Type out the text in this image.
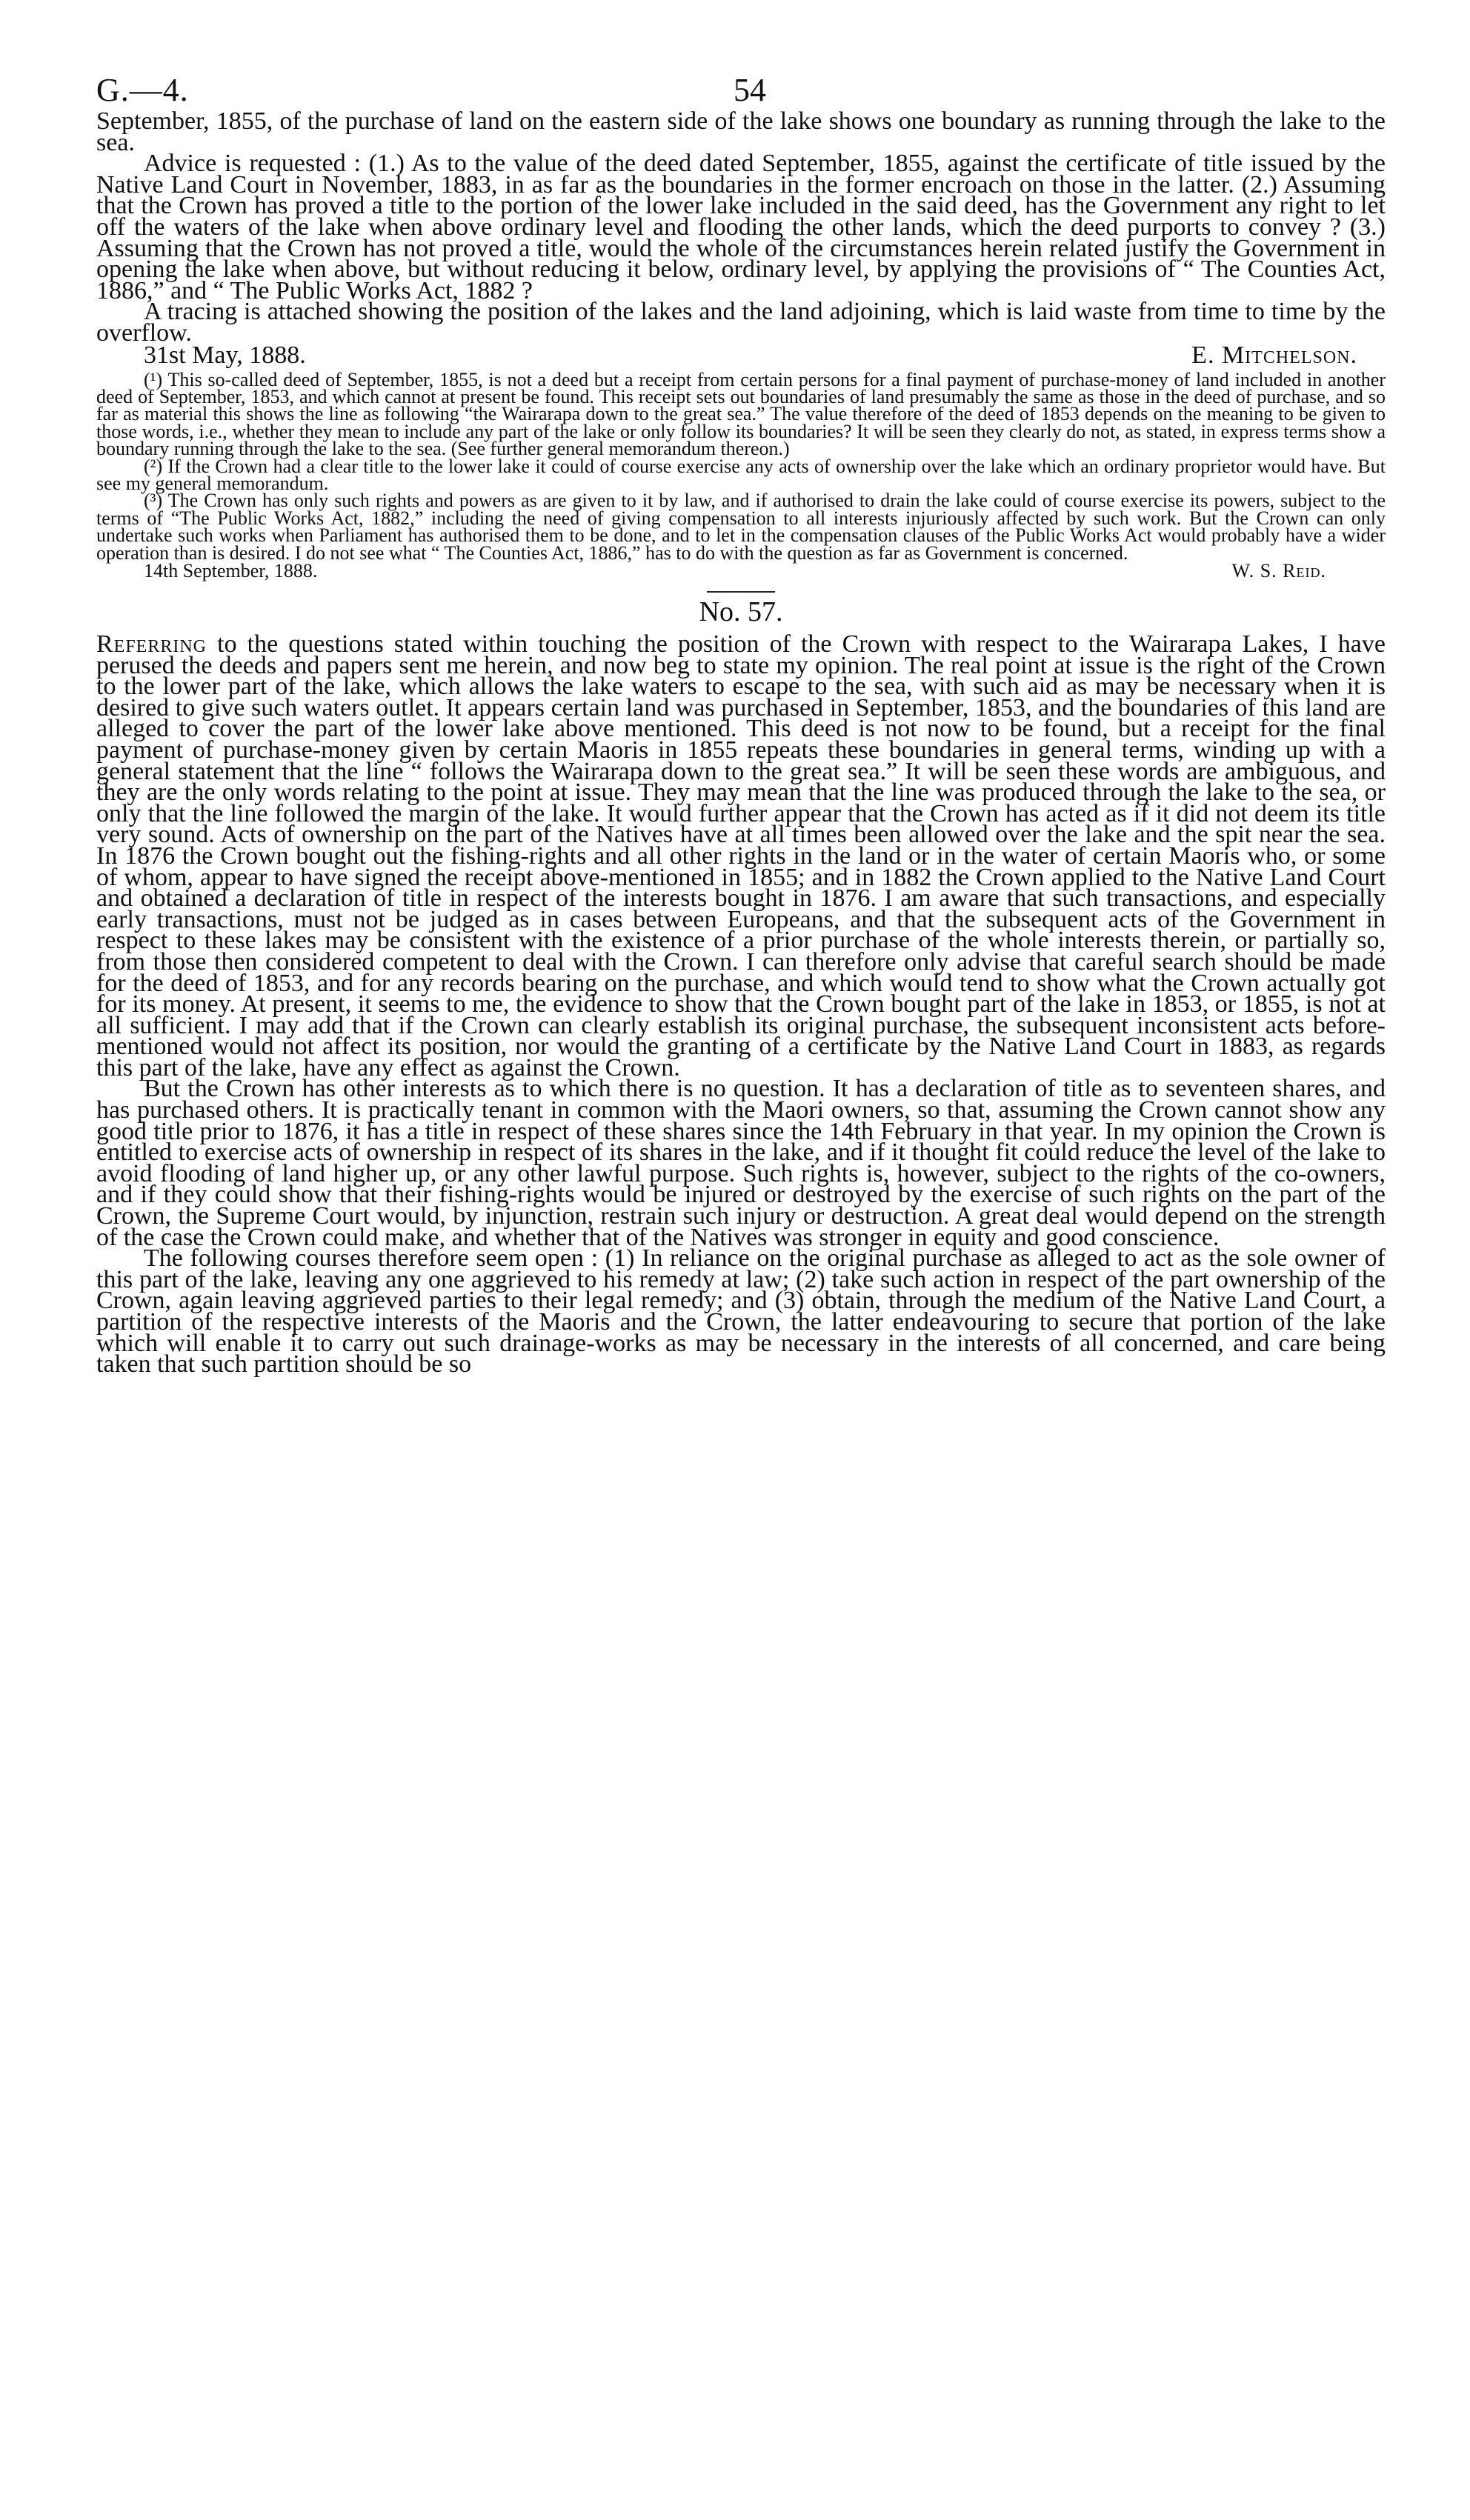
G.—4.	54

September, 1855, of the purchase of land on the eastern side of the lake shows one boundary as running through the lake to the sea.

Advice is requested : (1.) As to the value of the deed dated September, 1855, against the certificate of title issued by the Native Land Court in November, 1883, in as far as the boundaries in the former encroach on those in the latter. (2.) Assuming that the Crown has proved a title to the portion of the lower lake included in the said deed, has the Government any right to let off the waters of the lake when above ordinary level and flooding the other lands, which the deed purports to convey ? (3.) Assuming that the Crown has not proved a title, would the whole of the circumstances herein related justify the Government in opening the lake when above, but without reducing it below, ordinary level, by applying the provisions of “ The Counties Act, 1886,” and “ The Public Works Act, 1882 ?

A tracing is attached showing the position of the lakes and the land adjoining, which is laid waste from time to time by the overflow.

31st May, 1888.	E. Mitchelson.

(¹) This so-called deed of September, 1855, is not a deed but a receipt from certain persons for a final payment of purchase-money of land included in another deed of September, 1853, and which cannot at present be found. This receipt sets out boundaries of land presumably the same as those in the deed of purchase, and so far as material this shows the line as following “the Wairarapa down to the great sea.” The value therefore of the deed of 1853 depends on the meaning to be given to those words, i.e., whether they mean to include any part of the lake or only follow its boundaries? It will be seen they clearly do not, as stated, in express terms show a boundary running through the lake to the sea. (See further general memorandum thereon.)

(²) If the Crown had a clear title to the lower lake it could of course exercise any acts of ownership over the lake which an ordinary proprietor would have. But see my general memorandum.

(³) The Crown has only such rights and powers as are given to it by law, and if authorised to drain the lake could of course exercise its powers, subject to the terms of “The Public Works Act, 1882,” including the need of giving compensation to all interests injuriously affected by such work. But the Crown can only undertake such works when Parliament has authorised them to be done, and to let in the compensation clauses of the Public Works Act would probably have a wider operation than is desired. I do not see what “ The Counties Act, 1886,” has to do with the question as far as Government is concerned.

14th September, 1888.	W. S. Reid.

No. 57.

Referring to the questions stated within touching the position of the Crown with respect to the Wairarapa Lakes, I have perused the deeds and papers sent me herein, and now beg to state my opinion. The real point at issue is the right of the Crown to the lower part of the lake, which allows the lake waters to escape to the sea, with such aid as may be necessary when it is desired to give such waters outlet. It appears certain land was purchased in September, 1853, and the boundaries of this land are alleged to cover the part of the lower lake above mentioned. This deed is not now to be found, but a receipt for the final payment of purchase-money given by certain Maoris in 1855 repeats these boundaries in general terms, winding up with a general statement that the line “ follows the Wairarapa down to the great sea.” It will be seen these words are ambiguous, and they are the only words relating to the point at issue. They may mean that the line was produced through the lake to the sea, or only that the line followed the margin of the lake. It would further appear that the Crown has acted as if it did not deem its title very sound. Acts of ownership on the part of the Natives have at all times been allowed over the lake and the spit near the sea. In 1876 the Crown bought out the fishing-rights and all other rights in the land or in the water of certain Maoris who, or some of whom, appear to have signed the receipt above-mentioned in 1855; and in 1882 the Crown applied to the Native Land Court and obtained a declaration of title in respect of the interests bought in 1876. I am aware that such transactions, and especially early transactions, must not be judged as in cases between Europeans, and that the subsequent acts of the Government in respect to these lakes may be consistent with the existence of a prior purchase of the whole interests therein, or partially so, from those then considered competent to deal with the Crown. I can therefore only advise that careful search should be made for the deed of 1853, and for any records bearing on the purchase, and which would tend to show what the Crown actually got for its money. At present, it seems to me, the evidence to show that the Crown bought part of the lake in 1853, or 1855, is not at all sufficient. I may add that if the Crown can clearly establish its original purchase, the subsequent inconsistent acts before-mentioned would not affect its position, nor would the granting of a certificate by the Native Land Court in 1883, as regards this part of the lake, have any effect as against the Crown.

But the Crown has other interests as to which there is no question. It has a declaration of title as to seventeen shares, and has purchased others. It is practically tenant in common with the Maori owners, so that, assuming the Crown cannot show any good title prior to 1876, it has a title in respect of these shares since the 14th February in that year. In my opinion the Crown is entitled to exercise acts of ownership in respect of its shares in the lake, and if it thought fit could reduce the level of the lake to avoid flooding of land higher up, or any other lawful purpose. Such rights is, however, subject to the rights of the co-owners, and if they could show that their fishing-rights would be injured or destroyed by the exercise of such rights on the part of the Crown, the Supreme Court would, by injunction, restrain such injury or destruction. A great deal would depend on the strength of the case the Crown could make, and whether that of the Natives was stronger in equity and good conscience.

The following courses therefore seem open : (1) In reliance on the original purchase as alleged to act as the sole owner of this part of the lake, leaving any one aggrieved to his remedy at law; (2) take such action in respect of the part ownership of the Crown, again leaving aggrieved parties to their legal remedy; and (3) obtain, through the medium of the Native Land Court, a partition of the respective interests of the Maoris and the Crown, the latter endeavouring to secure that portion of the lake which will enable it to carry out such drainage-works as may be necessary in the interests of all concerned, and care being taken that such partition should be so
